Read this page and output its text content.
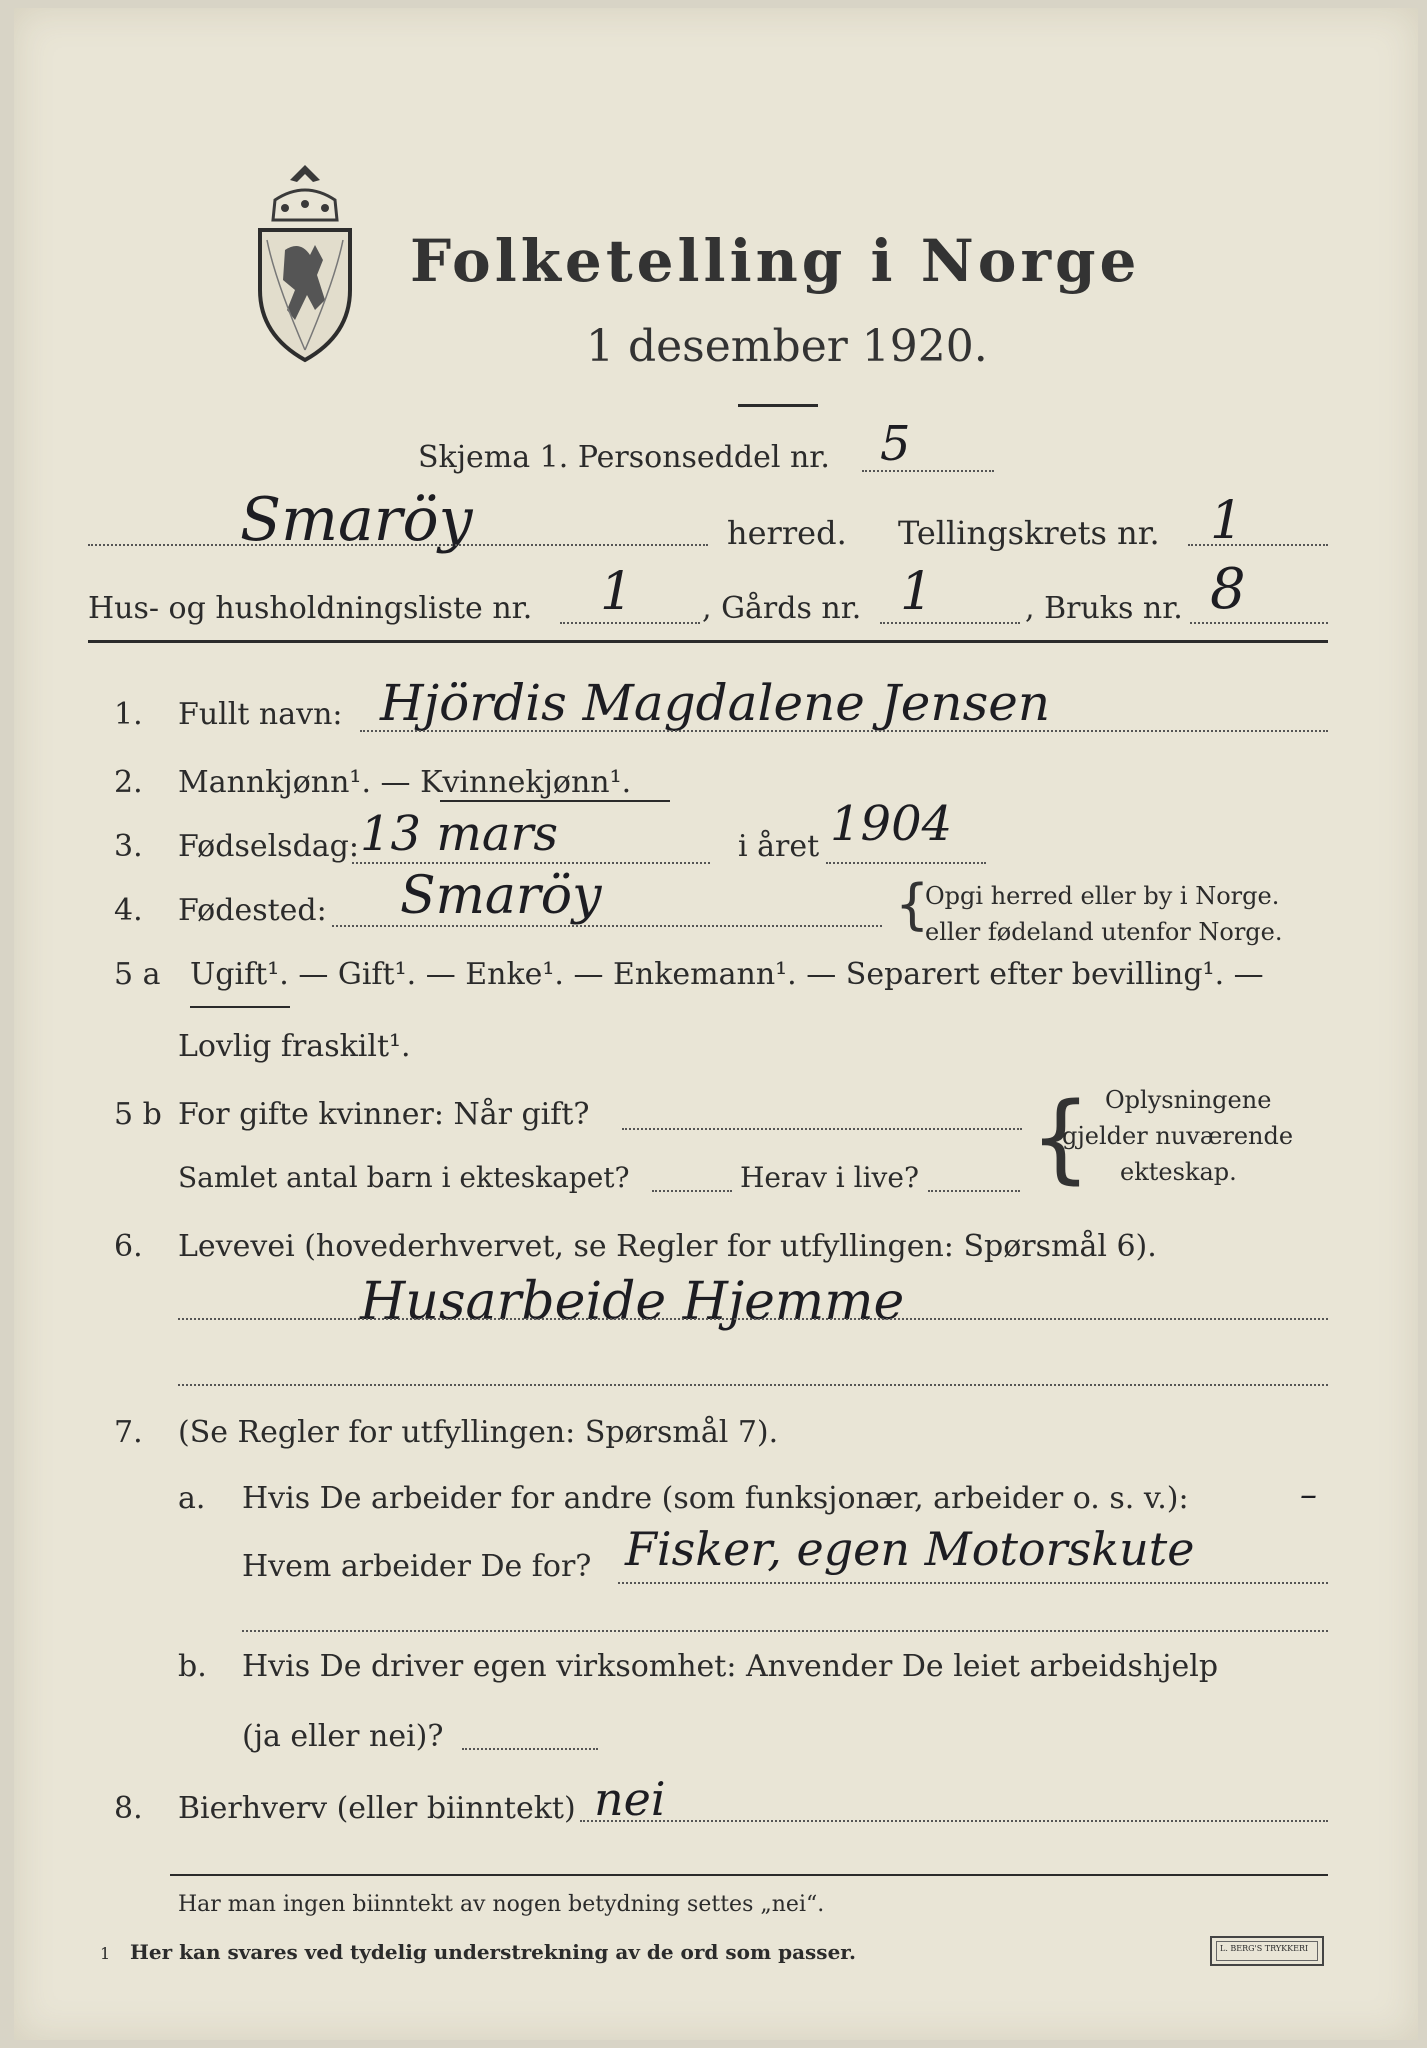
Folketelling i Norge
1 desember 1920.
Skjema 1. Personseddel nr. 5
Smaröy	herred. Tellingskrets nr. 1
Hus- og husholdningsliste nr. 1 , Gårds nr. 1	, Bruks nr. 8
1. Fullt navn: Hjördis Magdalene Jensen
2. Mannkjønn¹. — Kvinnekjønn¹.
3. Fødselsdag: 13 mars	i året 1904
4. Fødested: Smaröy	{
Opgi herred eller by i Norge.
eller fødeland utenfor Norge.
5 a Ugift¹. — Gift¹. — Enke¹. — Enkemann¹. — Separert efter bevilling¹. —
Lovlig fraskilt¹.
5 b For gifte kvinner: Når gift?
Samlet antal barn i ekteskapet?	Herav i live? { Oplysningene
gjelder nuværende
ekteskap.
6. Levevei (hovederhvervet, se Regler for utfyllingen: Spørsmål 6).
Husarbeide Hjemme
7. (Se Regler for utfyllingen: Spørsmål 7).
a. Hvis De arbeider for andre (som funksjonær, arbeider o. s. v.):	–
Hvem arbeider De for? Fisker, egen Motorskute
b. Hvis De driver egen virksomhet: Anvender De leiet arbeidshjelp
(ja eller nei)?
8. Bierhverv (eller biinntekt) nei
Har man ingen biinntekt av nogen betydning settes „nei“.
1 Her kan svares ved tydelig understrekning av de ord som passer.	L. BERG'S TRYKKERI
